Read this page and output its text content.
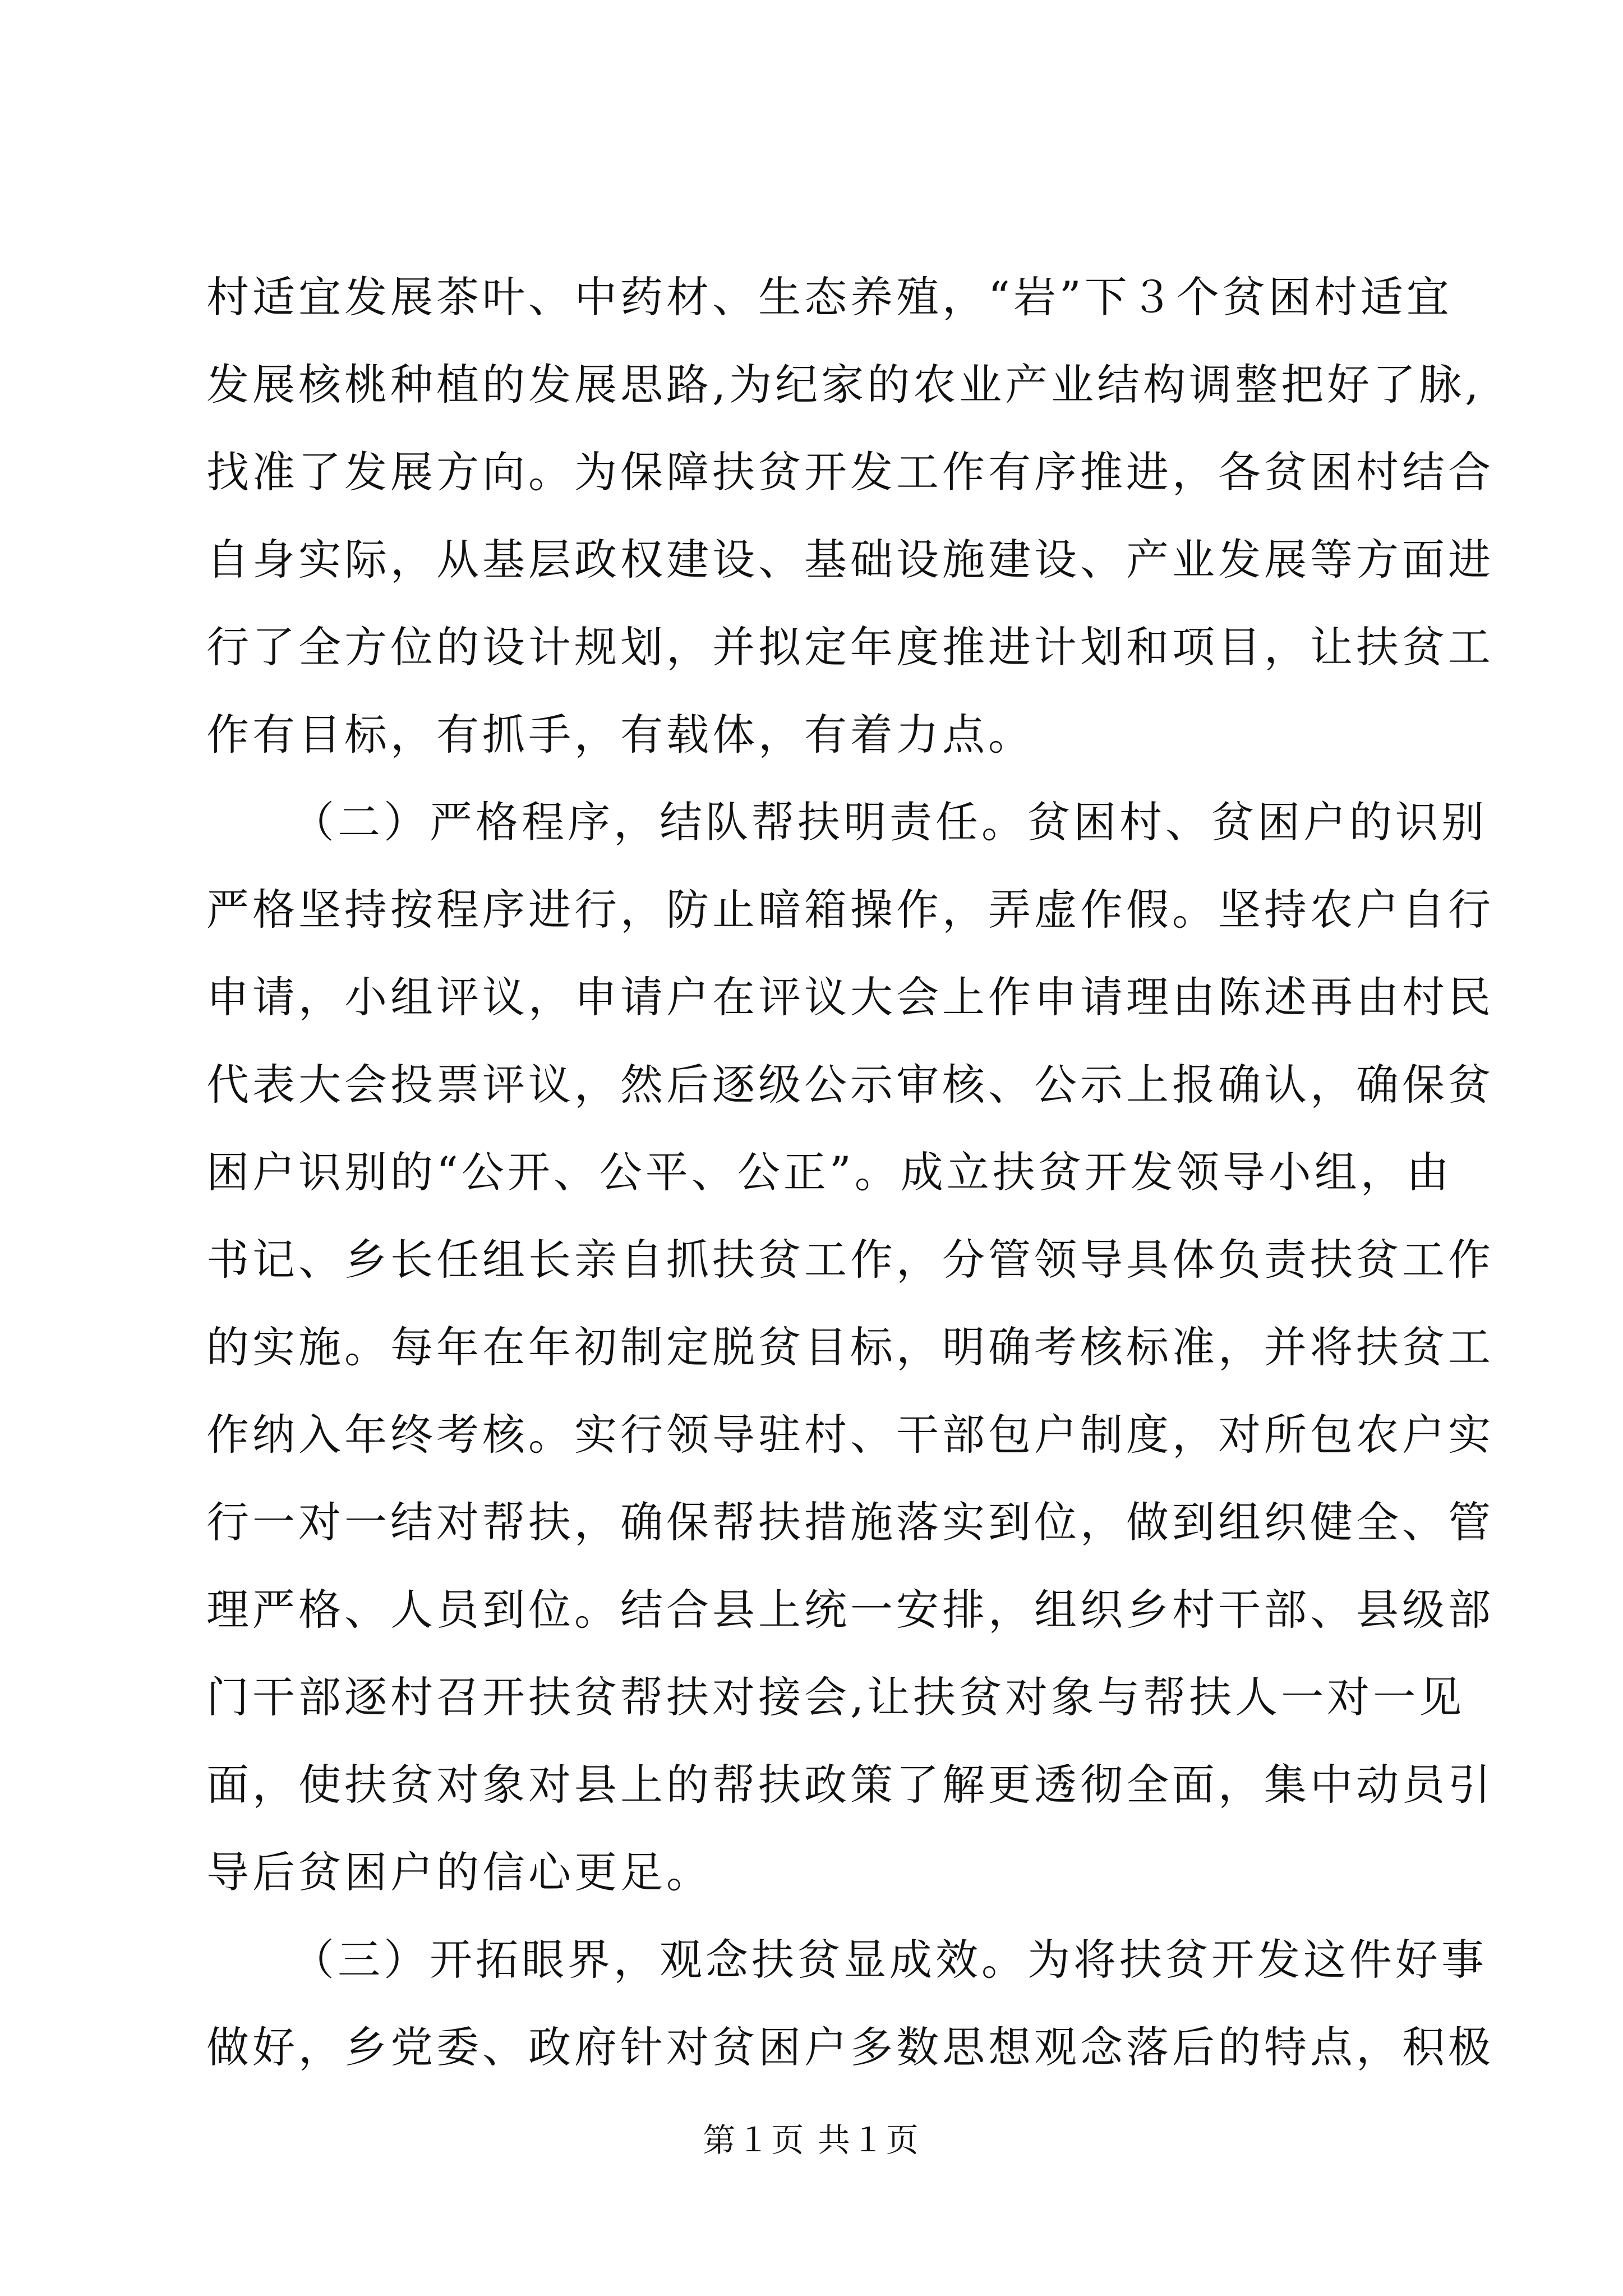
村适宜发展茶叶、中药材、生态养殖，“岩”下３个贫困村适宜
发展核桃种植的发展思路,为纪家的农业产业结构调整把好了脉,
找准了发展方向。为保障扶贫开发工作有序推进，各贫困村结合
自身实际，从基层政权建设、基础设施建设、产业发展等方面进
行了全方位的设计规划，并拟定年度推进计划和项目，让扶贫工
作有目标，有抓手，有载体，有着力点。
（二）严格程序，结队帮扶明责任。贫困村、贫困户的识别
严格坚持按程序进行，防止暗箱操作，弄虚作假。坚持农户自行
申请，小组评议，申请户在评议大会上作申请理由陈述再由村民
代表大会投票评议，然后逐级公示审核、公示上报确认，确保贫
困户识别的“公开、公平、公正”。成立扶贫开发领导小组，由
书记、乡长任组长亲自抓扶贫工作，分管领导具体负责扶贫工作
的实施。每年在年初制定脱贫目标，明确考核标准，并将扶贫工
作纳入年终考核。实行领导驻村、干部包户制度，对所包农户实
行一对一结对帮扶，确保帮扶措施落实到位，做到组织健全、管
理严格、人员到位。结合县上统一安排，组织乡村干部、县级部
门干部逐村召开扶贫帮扶对接会,让扶贫对象与帮扶人一对一见
面，使扶贫对象对县上的帮扶政策了解更透彻全面，集中动员引
导后贫困户的信心更足。
（三）开拓眼界，观念扶贫显成效。为将扶贫开发这件好事
做好，乡党委、政府针对贫困户多数思想观念落后的特点，积极
第１页 共１页
